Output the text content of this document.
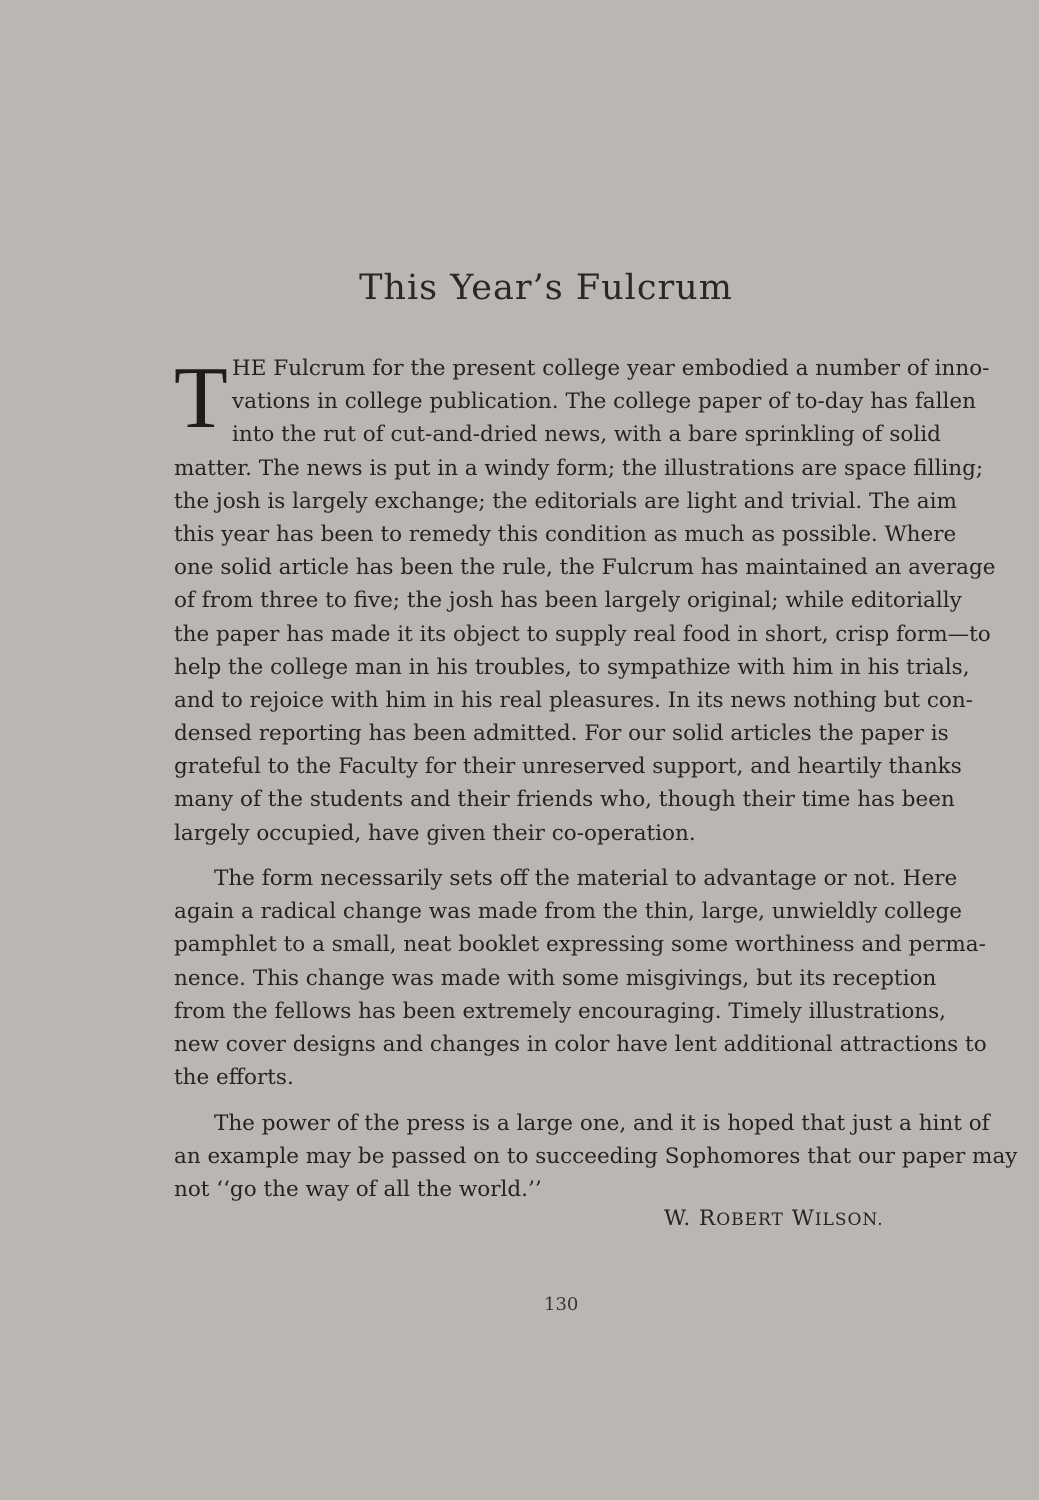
This Year’s Fulcrum
T HE Fulcrum for the present college year embodied a number of inno-
vations in college publication. The college paper of to-day has fallen
into the rut of cut-and-dried news, with a bare sprinkling of solid
matter. The news is put in a windy form; the illustrations are space filling;
the josh is largely exchange; the editorials are light and trivial. The aim
this year has been to remedy this condition as much as possible. Where
one solid article has been the rule, the Fulcrum has maintained an average
of from three to five; the josh has been largely original; while editorially
the paper has made it its object to supply real food in short, crisp form—to
help the college man in his troubles, to sympathize with him in his trials,
and to rejoice with him in his real pleasures. In its news nothing but con-
densed reporting has been admitted. For our solid articles the paper is
grateful to the Faculty for their unreserved support, and heartily thanks
many of the students and their friends who, though their time has been
largely occupied, have given their co-operation.
The form necessarily sets off the material to advantage or not. Here
again a radical change was made from the thin, large, unwieldly college
pamphlet to a small, neat booklet expressing some worthiness and perma-
nence. This change was made with some misgivings, but its reception
from the fellows has been extremely encouraging. Timely illustrations,
new cover designs and changes in color have lent additional attractions to
the efforts.
The power of the press is a large one, and it is hoped that just a hint of
an example may be passed on to succeeding Sophomores that our paper may
not ‘‘go the way of all the world.’’

W. ROBERT WILSON.

130
